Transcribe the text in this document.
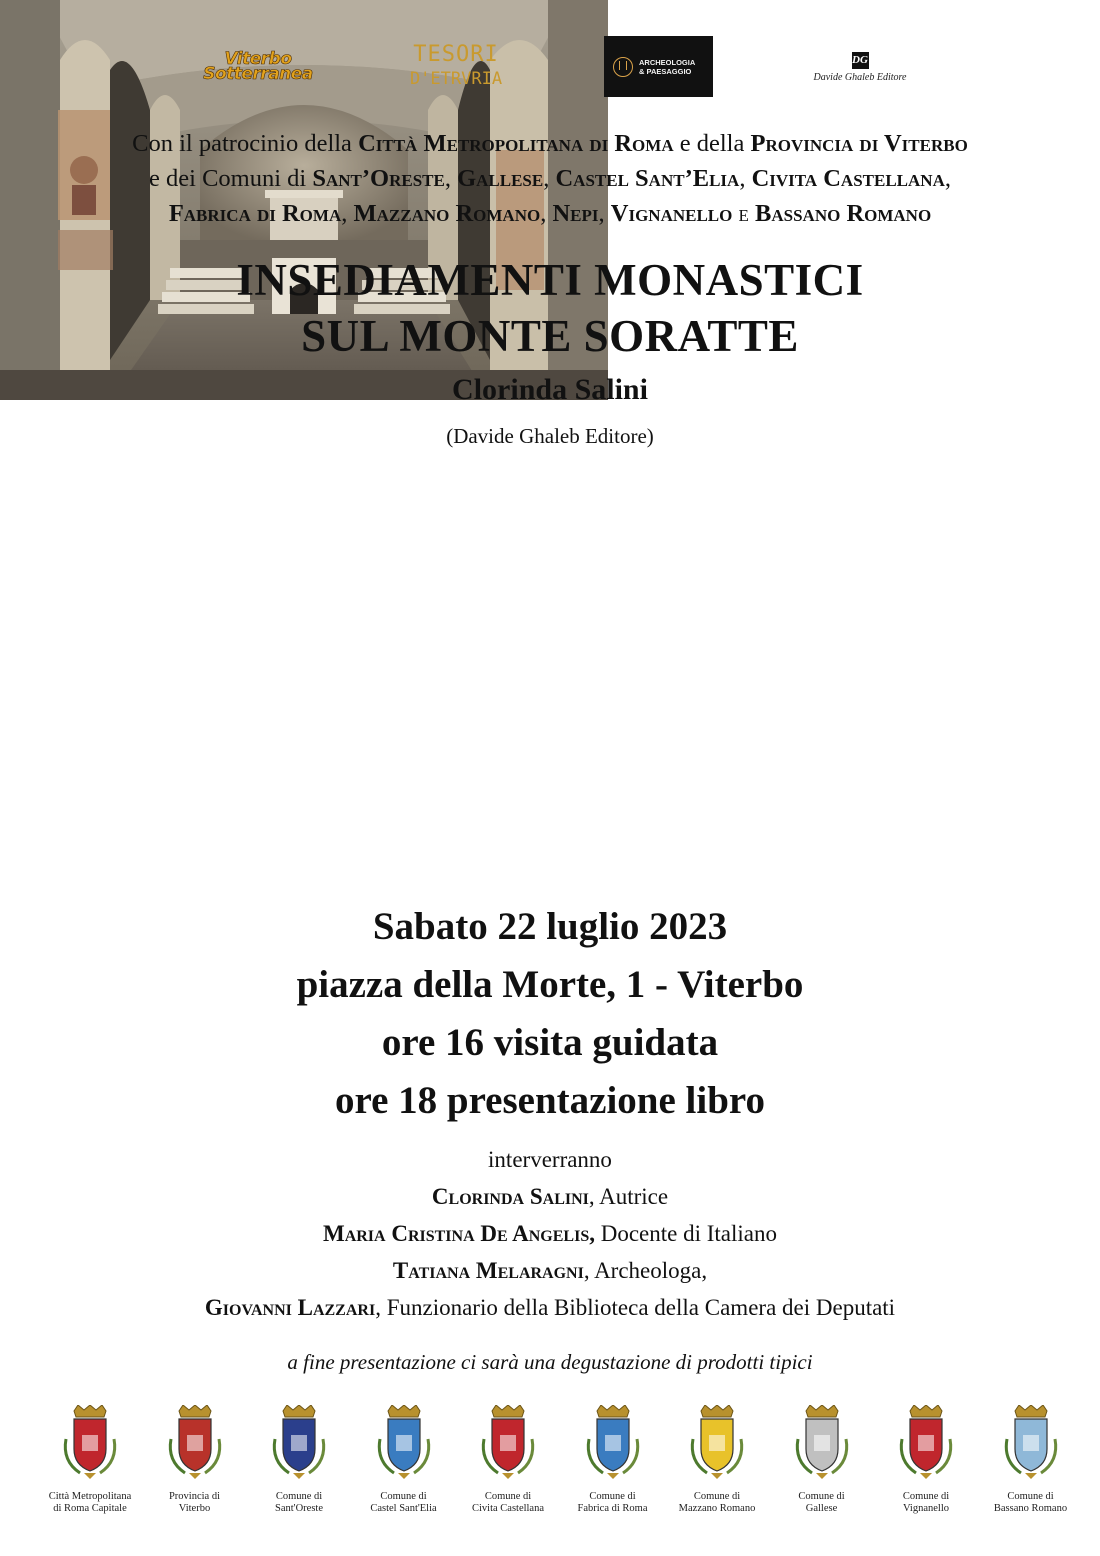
Viterbo
Sotterranea
TESORI
D'ETRVRIA
ARCHEOLOGIA
& PAESAGGIO
DG
Davide Ghaleb Editore

Con il patrocinio della Città Metropolitana di Roma e della Provincia di Viterbo

e dei Comuni di Sant’Oreste, Gallese, Castel Sant’Elia, Civita Castellana,

Fabrica di Roma, Mazzano Romano, Nepi, Vignanello e Bassano Romano

INSEDIAMENTI MONASTICI
SUL MONTE SORATTE
Clorinda Salini
(Davide Ghaleb Editore)
Sabato 22 luglio 2023
piazza della Morte, 1 - Viterbo
ore 16 visita guidata
ore 18 presentazione libro
interverranno
Clorinda Salini, Autrice
Maria Cristina De Angelis, Docente di Italiano
Tatiana Melaragni, Archeologa,
Giovanni Lazzari, Funzionario della Biblioteca della Camera dei Deputati
a fine presentazione ci sarà una degustazione di prodotti tipici
Città Metropolitana
di Roma Capitale
Provincia di
Viterbo
Comune di
Sant'Oreste
Comune di
Castel Sant'Elia
Comune di
Civita Castellana
Comune di
Fabrica di Roma
Comune di
Mazzano Romano
Comune di
Gallese
Comune di
Vignanello
Comune di
Bassano Romano
